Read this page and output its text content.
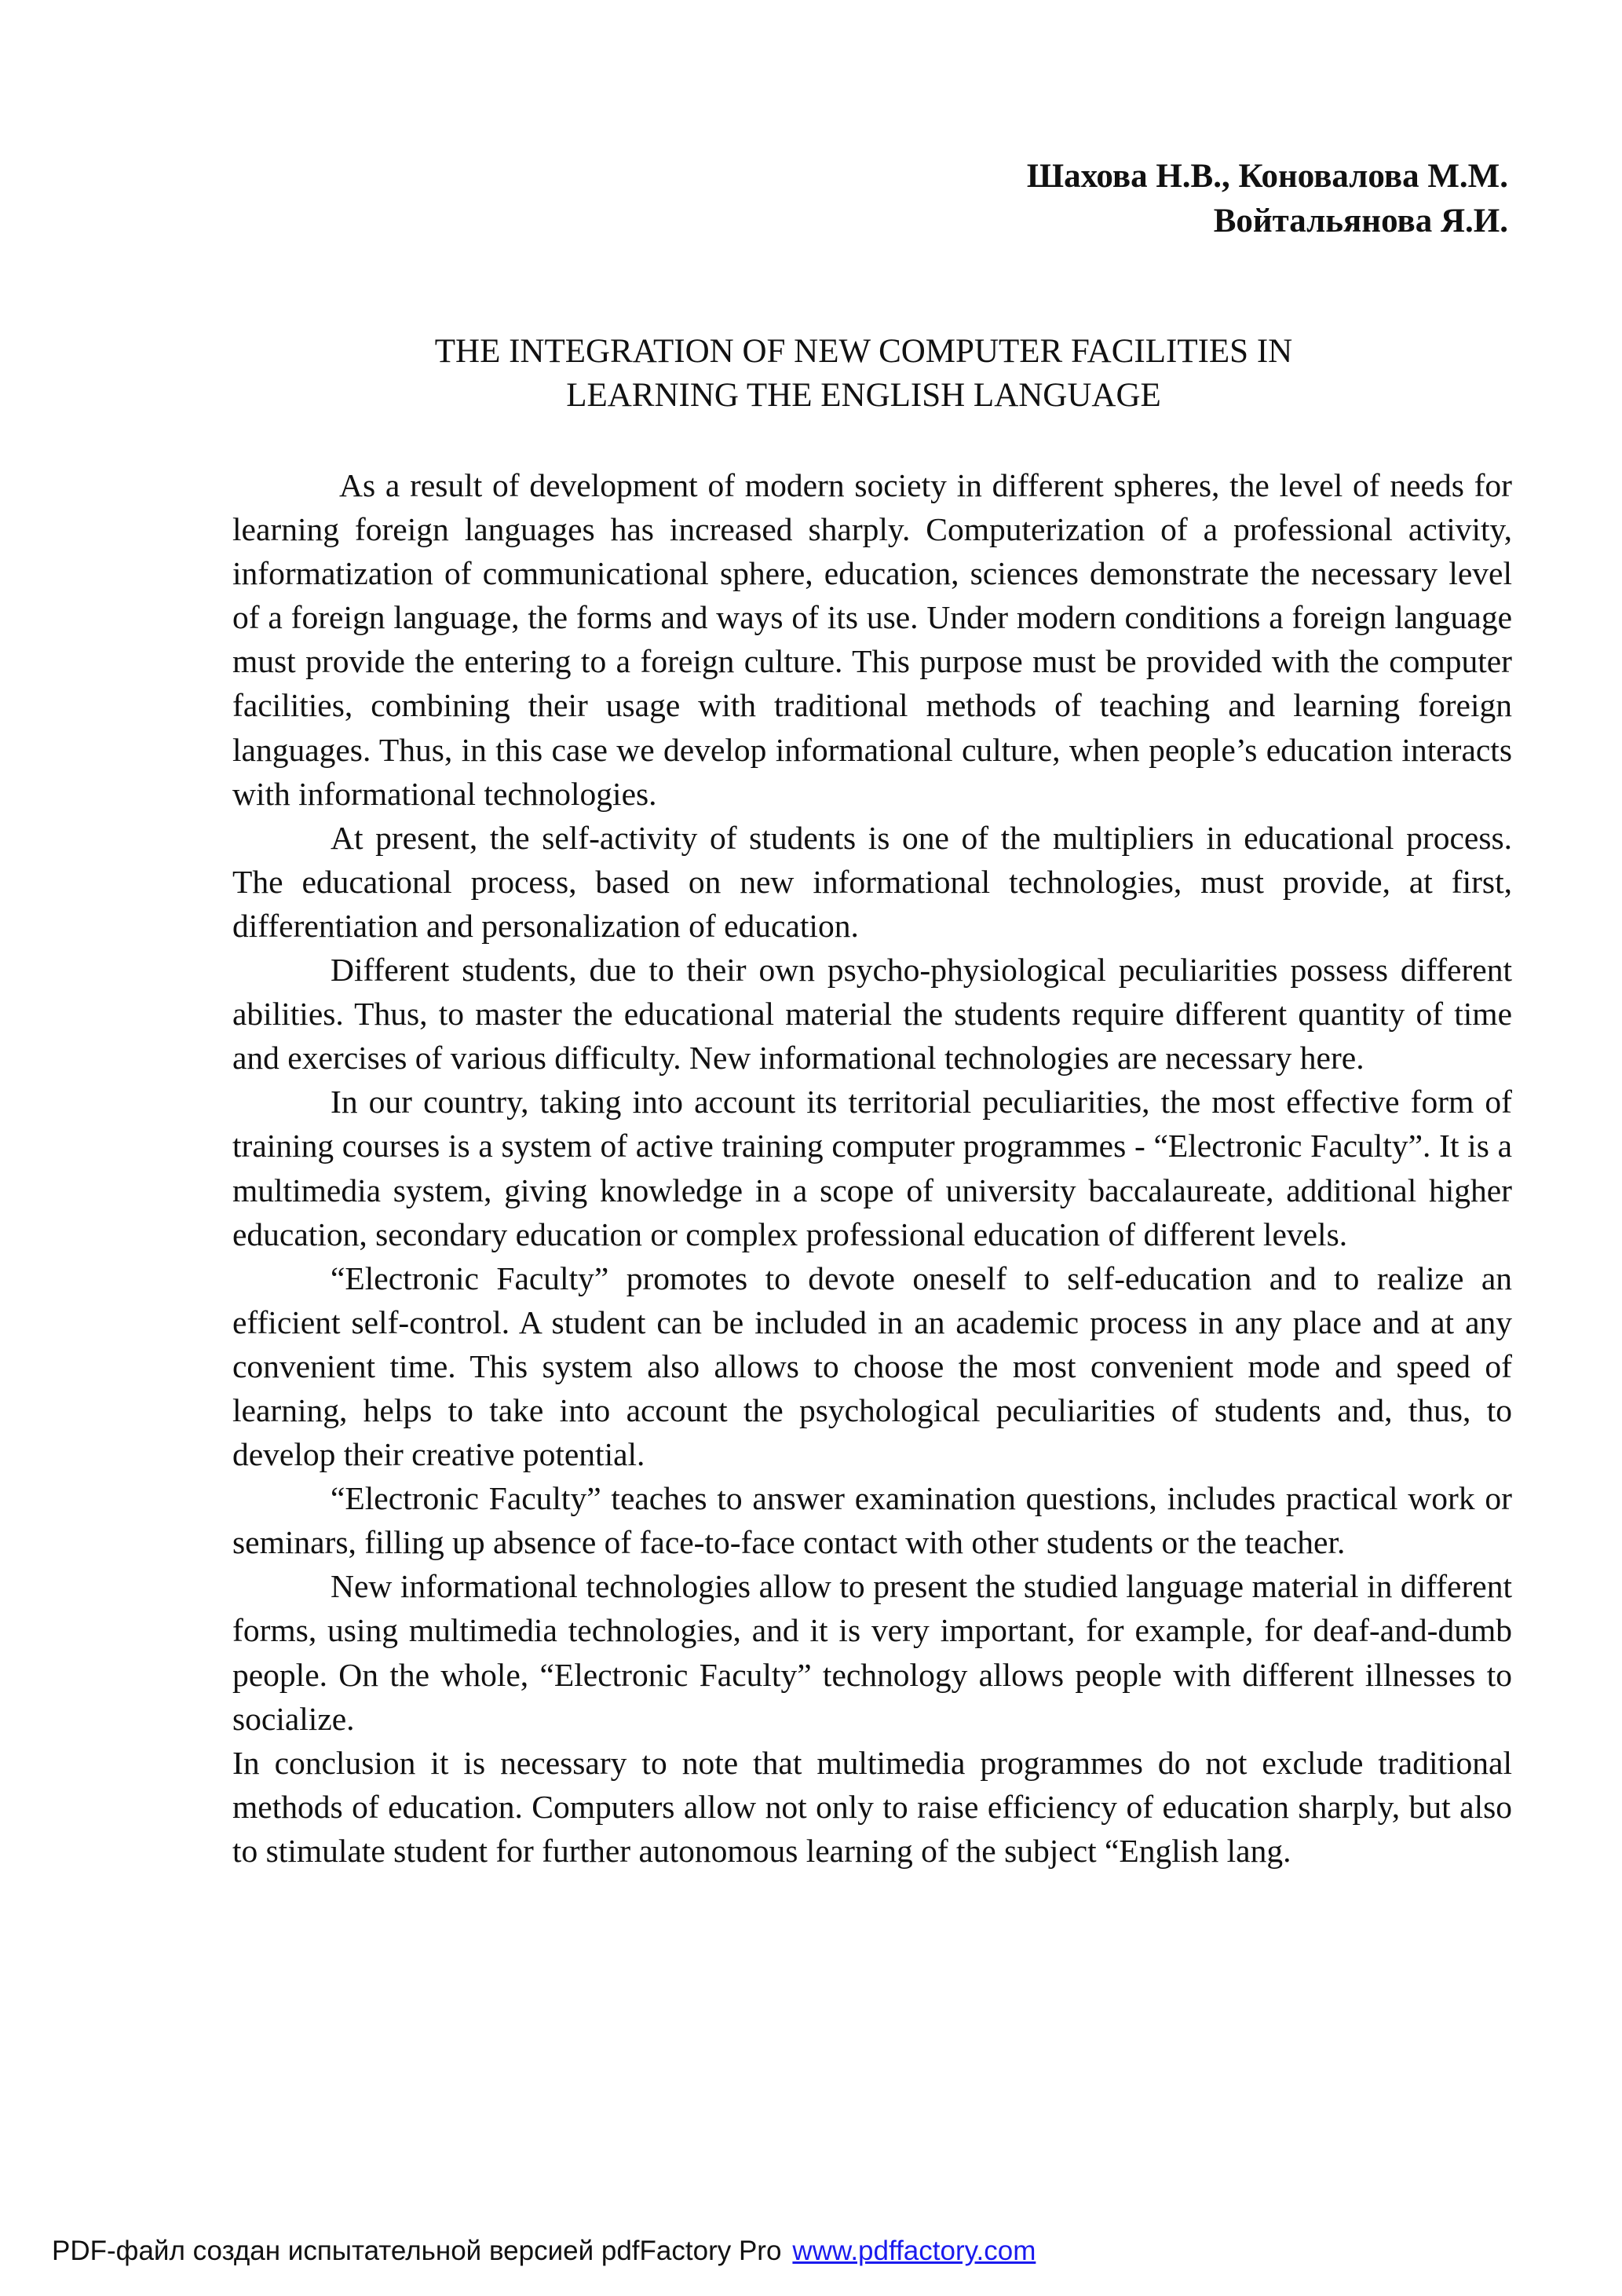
Шахова Н.В., Коновалова М.М.
Войтальянова Я.И.
THE INTEGRATION OF NEW COMPUTER FACILITIES IN
LEARNING THE ENGLISH LANGUAGE

As a result of development of modern society in different spheres, the level of needs for learning foreign languages has increased sharply. Computerization of a professional activity, informatization of communicational sphere, education, sciences demonstrate the necessary level of a foreign language, the forms and ways of its use. Under modern conditions a foreign language must provide the entering to a foreign culture. This purpose must be provided with the computer facilities, combining their usage with traditional methods of teaching and learning foreign languages. Thus, in this case we develop informational culture, when people’s education interacts with informational technologies.

At present, the self-activity of students is one of the multipliers in educational process. The educational process, based on new informational technologies, must provide, at first, differentiation and personalization of education.

Different students, due to their own psycho-physiological peculiarities possess different abilities. Thus, to master the educational material the students require different quantity of time and exercises of various difficulty. New informational technologies are necessary here.

In our country, taking into account its territorial peculiarities, the most effective form of training courses is a system of active training computer programmes - “Electronic Faculty”. It is a multimedia system, giving knowledge in a scope of university baccalaureate, additional higher education, secondary education or complex professional education of different levels.

“Electronic Faculty” promotes to devote oneself to self-education and to realize an efficient self-control. A student can be included in an academic process in any place and at any convenient time. This system also allows to choose the most convenient mode and speed of learning, helps to take into account the psychological peculiarities of students and, thus, to develop their creative potential.

“Electronic Faculty” teaches to answer examination questions, includes practical work or seminars, filling up absence of face-to-face contact with other students or the teacher.

New informational technologies allow to present the studied language material in different forms, using multimedia technologies, and it is very important, for example, for deaf-and-dumb people. On the whole, “Electronic Faculty” technology allows people with different illnesses to socialize.

In conclusion it is necessary to note that multimedia programmes do not exclude traditional methods of education. Computers allow not only to raise efficiency of education sharply, but also to stimulate student for further autonomous learning of the subject “English lang.

PDF-файл создан испытательной версией pdfFactory Pro www.pdffactory.com
